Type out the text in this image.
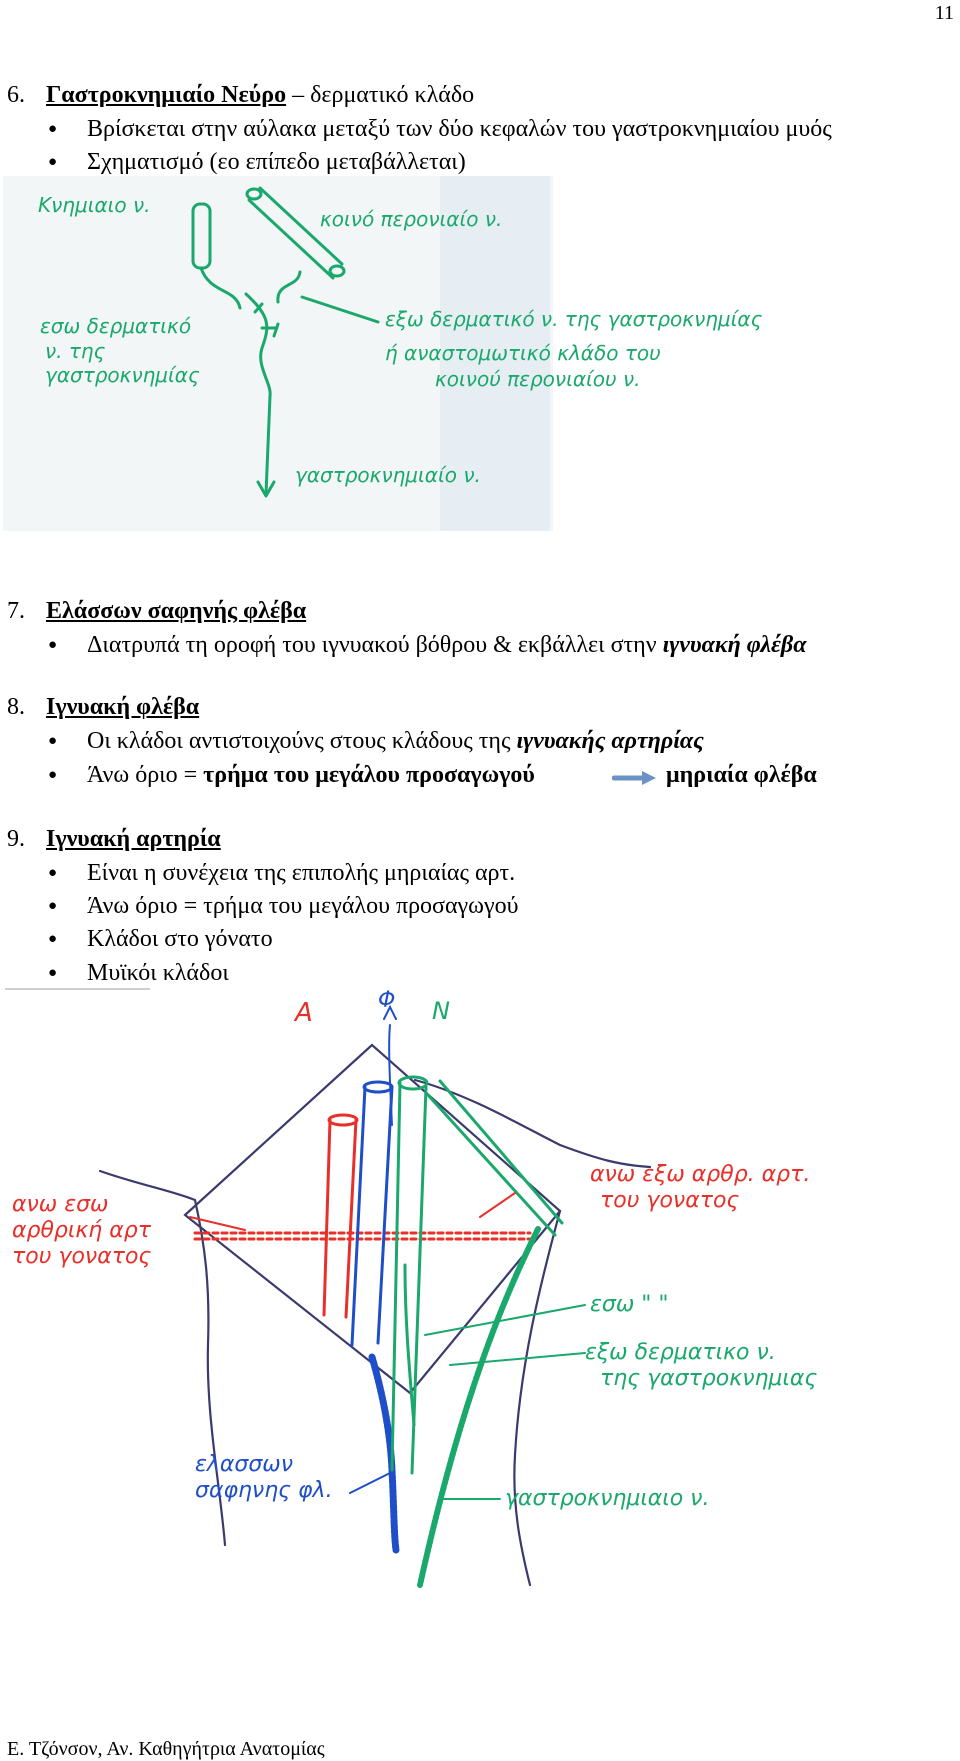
11
6. Γαστροκνημιαίο Νεύρο – δερματικό κλάδο
● Βρίσκεται στην αύλακα μεταξύ των δύο κεφαλών του γαστροκνημιαίου μυός
● Σχηματισμό (εο επίπεδο μεταβάλλεται)
Κνημιαιο ν.
κοινό περονιαίο ν.
εσω δερματικό
ν. της
γαστροκνημίας
εξω δερματικό ν. της γαστροκνημίας
ή αναστομωτικό κλάδο του
κοινού περονιαίου ν.
γαστροκνημιαίο ν.
7. Ελάσσων σαφηνής φλέβα
● Διατρυπά τη οροφή του ιγνυακού βόθρου & εκβάλλει στην ιγνυακή φλέβα
8. Ιγνυακή φλέβα
● Οι κλάδοι αντιστοιχούνς στους κλάδους της ιγνυακής αρτηρίας
● Άνω όριο = τρήμα του μεγάλου προσαγωγού	μηριαία φλέβα
9. Ιγνυακή αρτηρία
● Είναι η συνέχεια της επιπολής μηριαίας αρτ.
● Άνω όριο = τρήμα του μεγάλου προσαγωγού
● Κλάδοι στο γόνατο
● Μυϊκόι κλάδοι
A	Φ N
ανω εσω
αρθρική αρτ
του γονατος
ανω εξω αρθρ. αρτ.
του γονατος
εσω " "
εξω δερματικο ν.
της γαστροκνημιας
ελασσων
σαφηνης φλ.	γαστροκνημιαιο ν.
Ε. Τζόνσον, Αν. Καθηγήτρια Ανατομίας
